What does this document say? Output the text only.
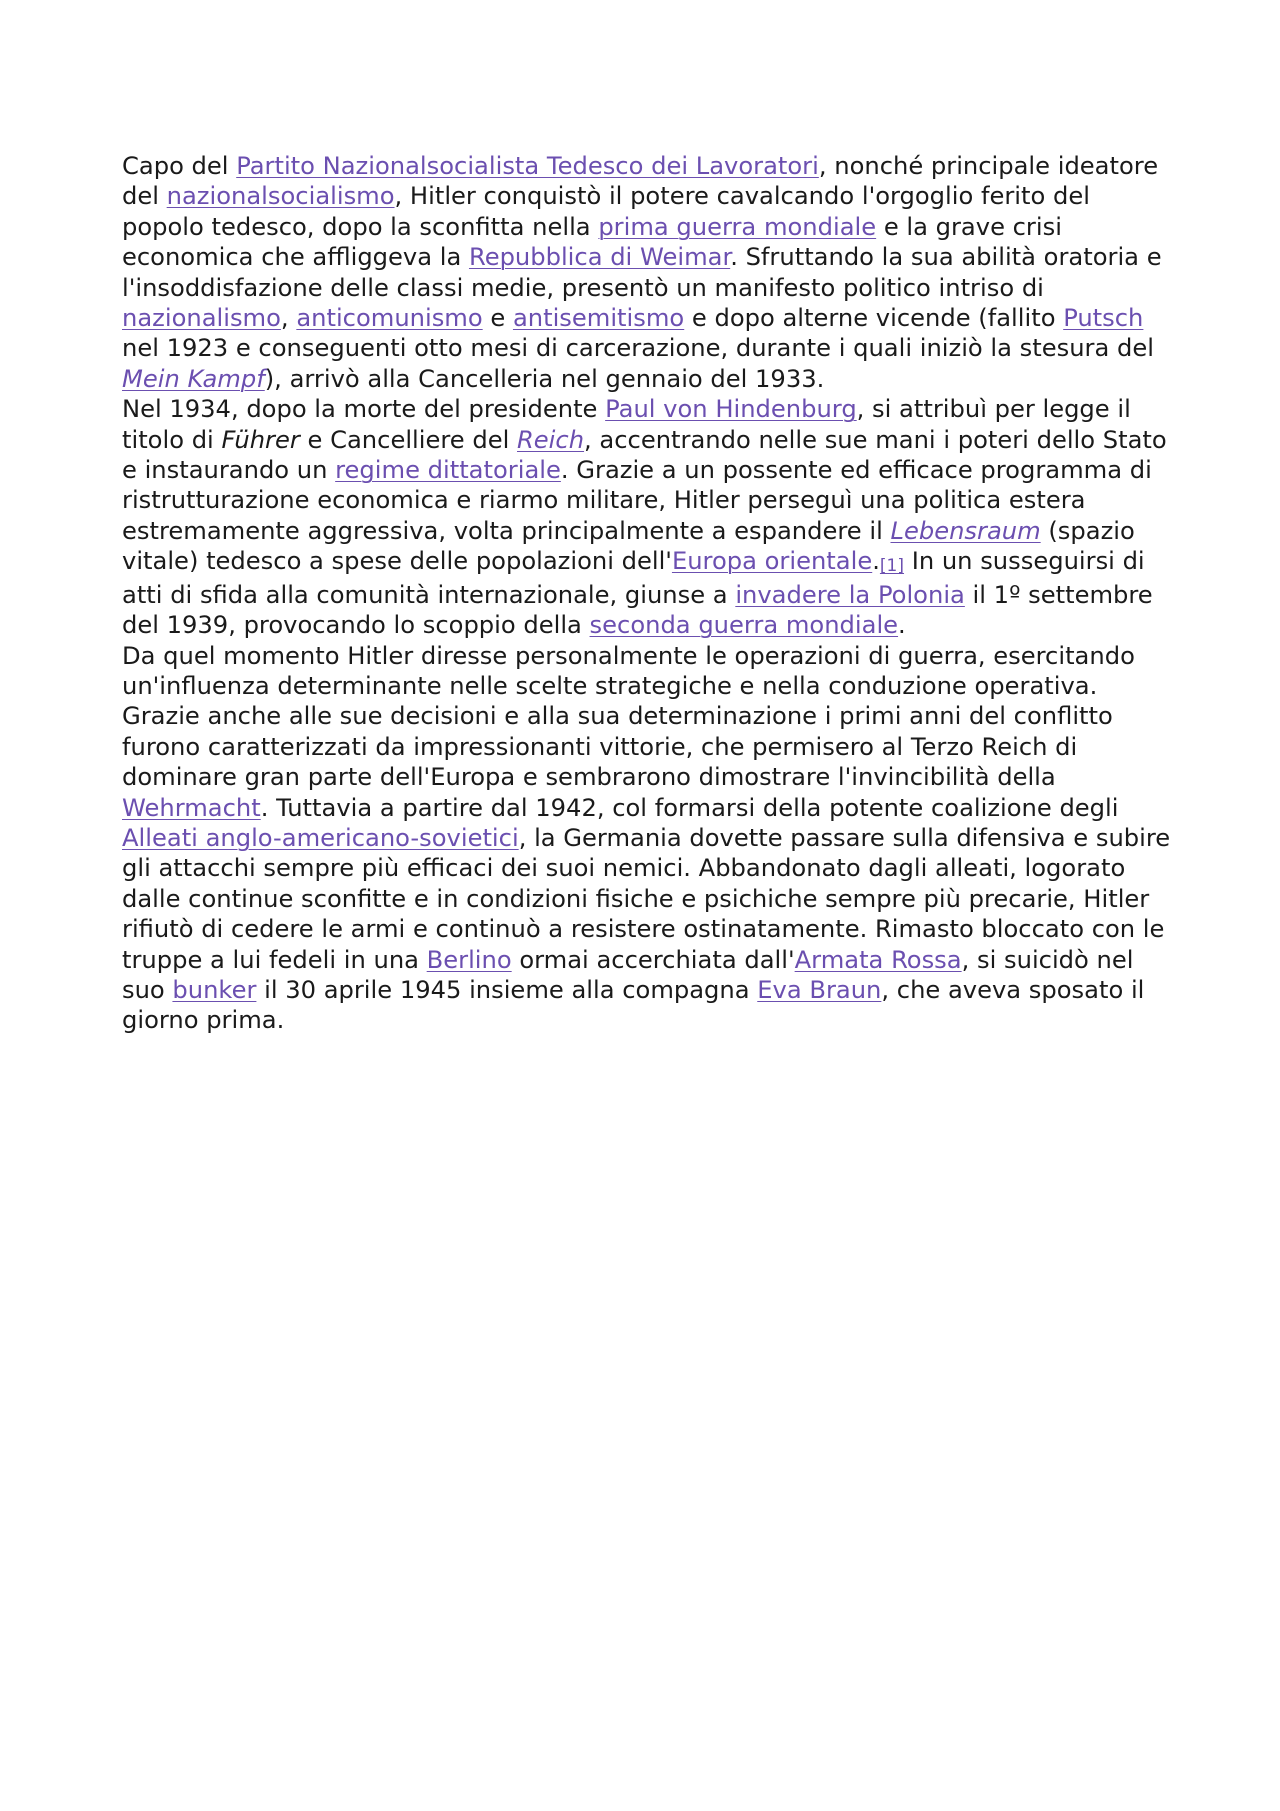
Capo del Partito Nazionalsocialista Tedesco dei Lavoratori, nonché principale ideatore del nazionalsocialismo, Hitler conquistò il potere cavalcando l'orgoglio ferito del popolo tedesco, dopo la sconfitta nella prima guerra mondiale e la grave crisi economica che affliggeva la Repubblica di Weimar. Sfruttando la sua abilità oratoria e l'insoddisfazione delle classi medie, presentò un manifesto politico intriso di nazionalismo, anticomunismo e antisemitismo e dopo alterne vicende (fallito Putsch nel 1923 e conseguenti otto mesi di carcerazione, durante i quali iniziò la stesura del Mein Kampf), arrivò alla Cancelleria nel gennaio del 1933.

Nel 1934, dopo la morte del presidente Paul von Hindenburg, si attribuì per legge il titolo di Führer e Cancelliere del Reich, accentrando nelle sue mani i poteri dello Stato e instaurando un regime dittatoriale. Grazie a un possente ed efficace programma di ristrutturazione economica e riarmo militare, Hitler perseguì una politica estera estremamente aggressiva, volta principalmente a espandere il Lebensraum (spazio vitale) tedesco a spese delle popolazioni dell'Europa orientale.[1] In un susseguirsi di atti di sfida alla comunità internazionale, giunse a invadere la Polonia il 1º settembre del 1939, provocando lo scoppio della seconda guerra mondiale.

Da quel momento Hitler diresse personalmente le operazioni di guerra, esercitando un'influenza determinante nelle scelte strategiche e nella conduzione operativa. Grazie anche alle sue decisioni e alla sua determinazione i primi anni del conflitto furono caratterizzati da impressionanti vittorie, che permisero al Terzo Reich di dominare gran parte dell'Europa e sembrarono dimostrare l'invincibilità della Wehrmacht. Tuttavia a partire dal 1942, col formarsi della potente coalizione degli Alleati anglo-americano-sovietici, la Germania dovette passare sulla difensiva e subire gli attacchi sempre più efficaci dei suoi nemici. Abbandonato dagli alleati, logorato dalle continue sconfitte e in condizioni fisiche e psichiche sempre più precarie, Hitler rifiutò di cedere le armi e continuò a resistere ostinatamente. Rimasto bloccato con le truppe a lui fedeli in una Berlino ormai accerchiata dall'Armata Rossa, si suicidò nel suo bunker il 30 aprile 1945 insieme alla compagna Eva Braun, che aveva sposato il giorno prima.
